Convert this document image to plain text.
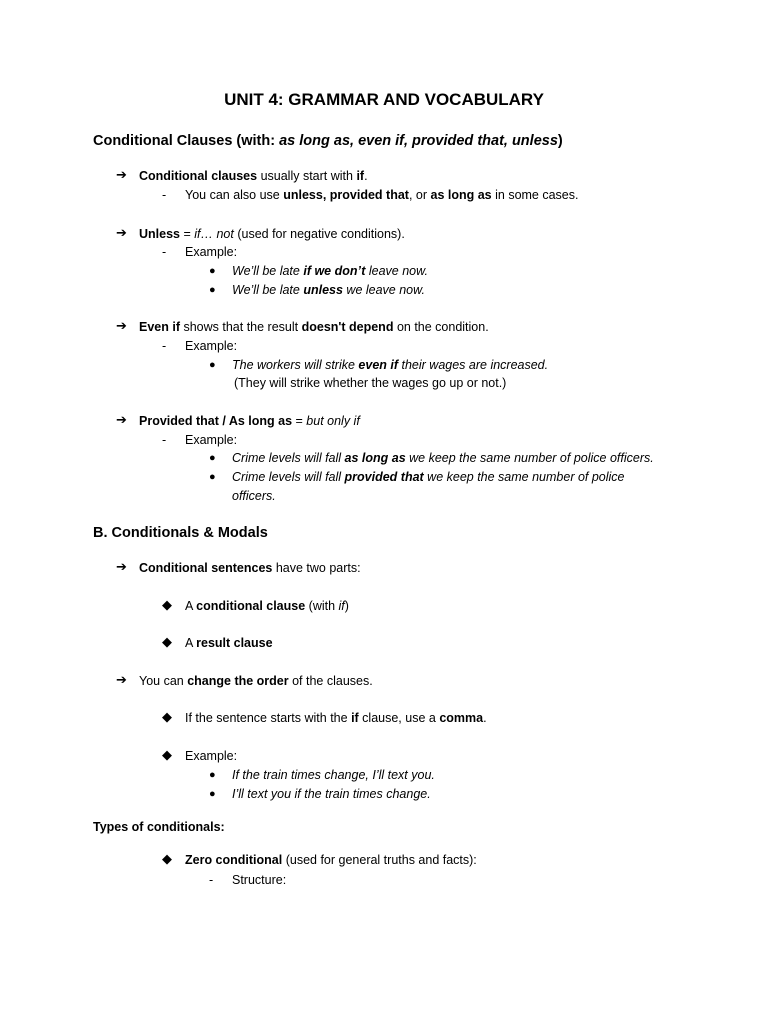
UNIT 4: GRAMMAR AND VOCABULARY
Conditional Clauses (with: as long as, even if, provided that, unless)
➔ Conditional clauses usually start with if.
- You can also use unless, provided that, or as long as in some cases.
➔ Unless = if… not (used for negative conditions).
- Example:
● We’ll be late if we don’t leave now.
● We’ll be late unless we leave now.
➔ Even if shows that the result doesn't depend on the condition.
- Example:
● The workers will strike even if their wages are increased.
(They will strike whether the wages go up or not.)
➔ Provided that / As long as = but only if
- Example:
● Crime levels will fall as long as we keep the same number of police officers.
● Crime levels will fall provided that we keep the same number of police
officers.
B. Conditionals & Modals
➔ Conditional sentences have two parts:
◆ A conditional clause (with if)
◆ A result clause
➔ You can change the order of the clauses.
◆ If the sentence starts with the if clause, use a comma.
◆ Example:
● If the train times change, I’ll text you.
● I’ll text you if the train times change.
Types of conditionals:
◆ Zero conditional (used for general truths and facts):
- Structure:
